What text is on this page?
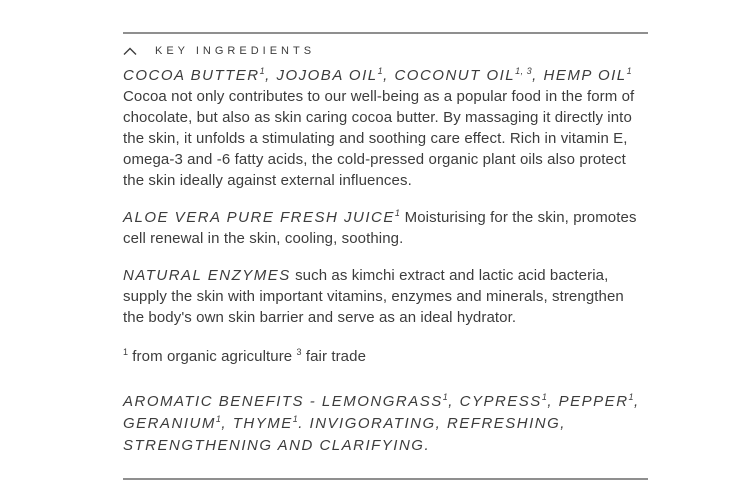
KEY INGREDIENTS

COCOA BUTTER$^1$, JOJOBA OIL$^1$, COCONUT OIL$^{1, 3}$, HEMP OIL$^1$ Cocoa not only contributes to our well-being as a popular food in the form of chocolate, but also as skin caring cocoa butter. By massaging it directly into the skin, it unfolds a stimulating and soothing care effect. Rich in vitamin E, omega-3 and -6 fatty acids, the cold-pressed organic plant oils also protect the skin ideally against external influences.

ALOE VERA PURE FRESH JUICE$^1$ Moisturising for the skin, promotes cell renewal in the skin, cooling, soothing.

NATURAL ENZYMES such as kimchi extract and lactic acid bacteria, supply the skin with important vitamins, enzymes and minerals, strengthen the body's own skin barrier and serve as an ideal hydrator.

$^1$ from organic agriculture $^3$ fair trade

AROMATIC BENEFITS - LEMONGRASS$^1$, CYPRESS$^1$, PEPPER$^1$, GERANIUM$^1$, THYME$^1$. INVIGORATING, REFRESHING, STRENGTHENING AND CLARIFYING.
